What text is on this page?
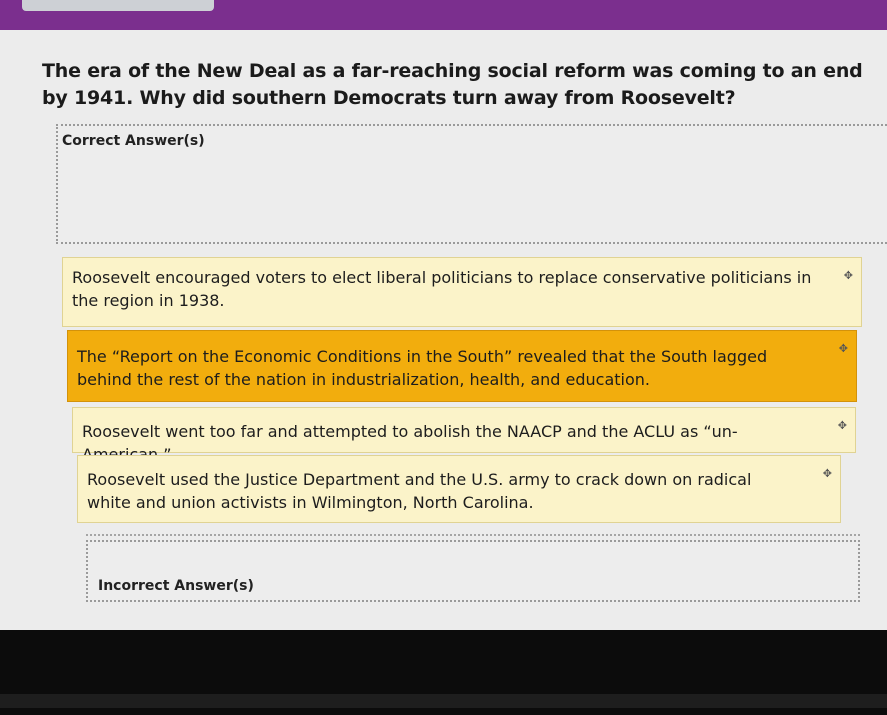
The era of the New Deal as a far-reaching social reform was coming to an end by 1941. Why did southern Democrats turn away from Roosevelt?
Correct Answer(s)
Roosevelt encouraged voters to elect liberal politicians to replace conservative politicians in the region in 1938.
✥
The “Report on the Economic Conditions in the South” revealed that the South lagged behind the rest of the nation in industrialization, health, and education.
✥
Roosevelt went too far and attempted to abolish the NAACP and the ACLU as “un-	✥
Roosevelt used the Justice Department and the U.S. army to crack down on radical white and union activists in Wilmington, North Carolina.
✥
Incorrect Answer(s)
